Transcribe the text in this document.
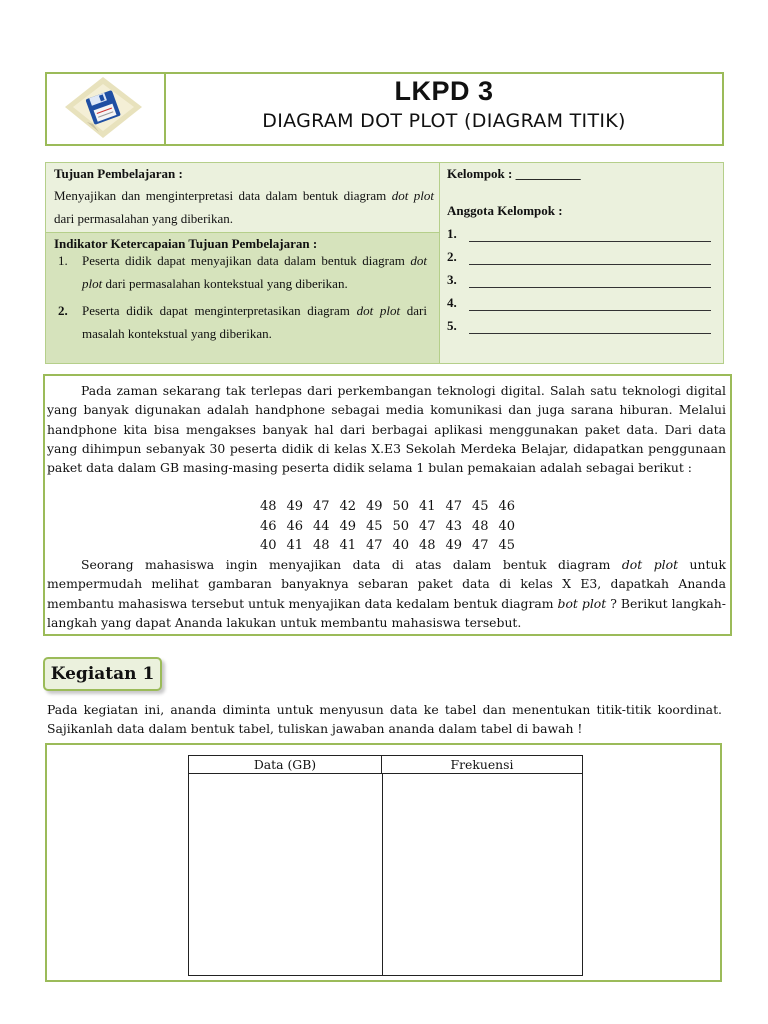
LKPD 3
DIAGRAM DOT PLOT (DIAGRAM TITIK)
Tujuan Pembelajaran :
Menyajikan dan menginterpretasi data dalam bentuk diagram dot plot dari permasalahan yang diberikan.
Indikator Ketercapaian Tujuan Pembelajaran :
1.	Peserta didik dapat menyajikan data dalam bentuk diagram dot plot dari permasalahan kontekstual yang diberikan.
2.	Peserta didik dapat menginterpretasikan diagram dot plot dari masalah kontekstual yang diberikan.
Kelompok : __________
Anggota Kelompok :
1.
2.
3.
4.
5.
Pada zaman sekarang tak terlepas dari perkembangan teknologi digital. Salah satu teknologi digital yang banyak digunakan adalah handphone sebagai media komunikasi dan juga sarana hiburan. Melalui handphone kita bisa mengakses banyak hal dari berbagai aplikasi menggunakan paket data. Dari data yang dihimpun sebanyak 30 peserta didik di kelas X.E3 Sekolah Merdeka Belajar, didapatkan penggunaan paket data dalam GB masing-masing peserta didik selama 1 bulan pemakaian adalah sebagai berikut :
48 49 47 42 49 50 41 47 45 46
46 46 44 49 45 50 47 43 48 40
40 41 48 41 47 40 48 49 47 45
Seorang mahasiswa ingin menyajikan data di atas dalam bentuk diagram dot plot untuk mempermudah melihat gambaran banyaknya sebaran paket data di kelas X E3, dapatkah Ananda membantu mahasiswa tersebut untuk menyajikan data kedalam bentuk diagram bot plot ? Berikut langkah-langkah yang dapat Ananda lakukan untuk membantu mahasiswa tersebut.
Kegiatan 1
Pada kegiatan ini, ananda diminta untuk menyusun data ke tabel dan menentukan titik-titik koordinat. Sajikanlah data dalam bentuk tabel, tuliskan jawaban ananda dalam tabel di bawah !
Data (GB)	Frekuensi
